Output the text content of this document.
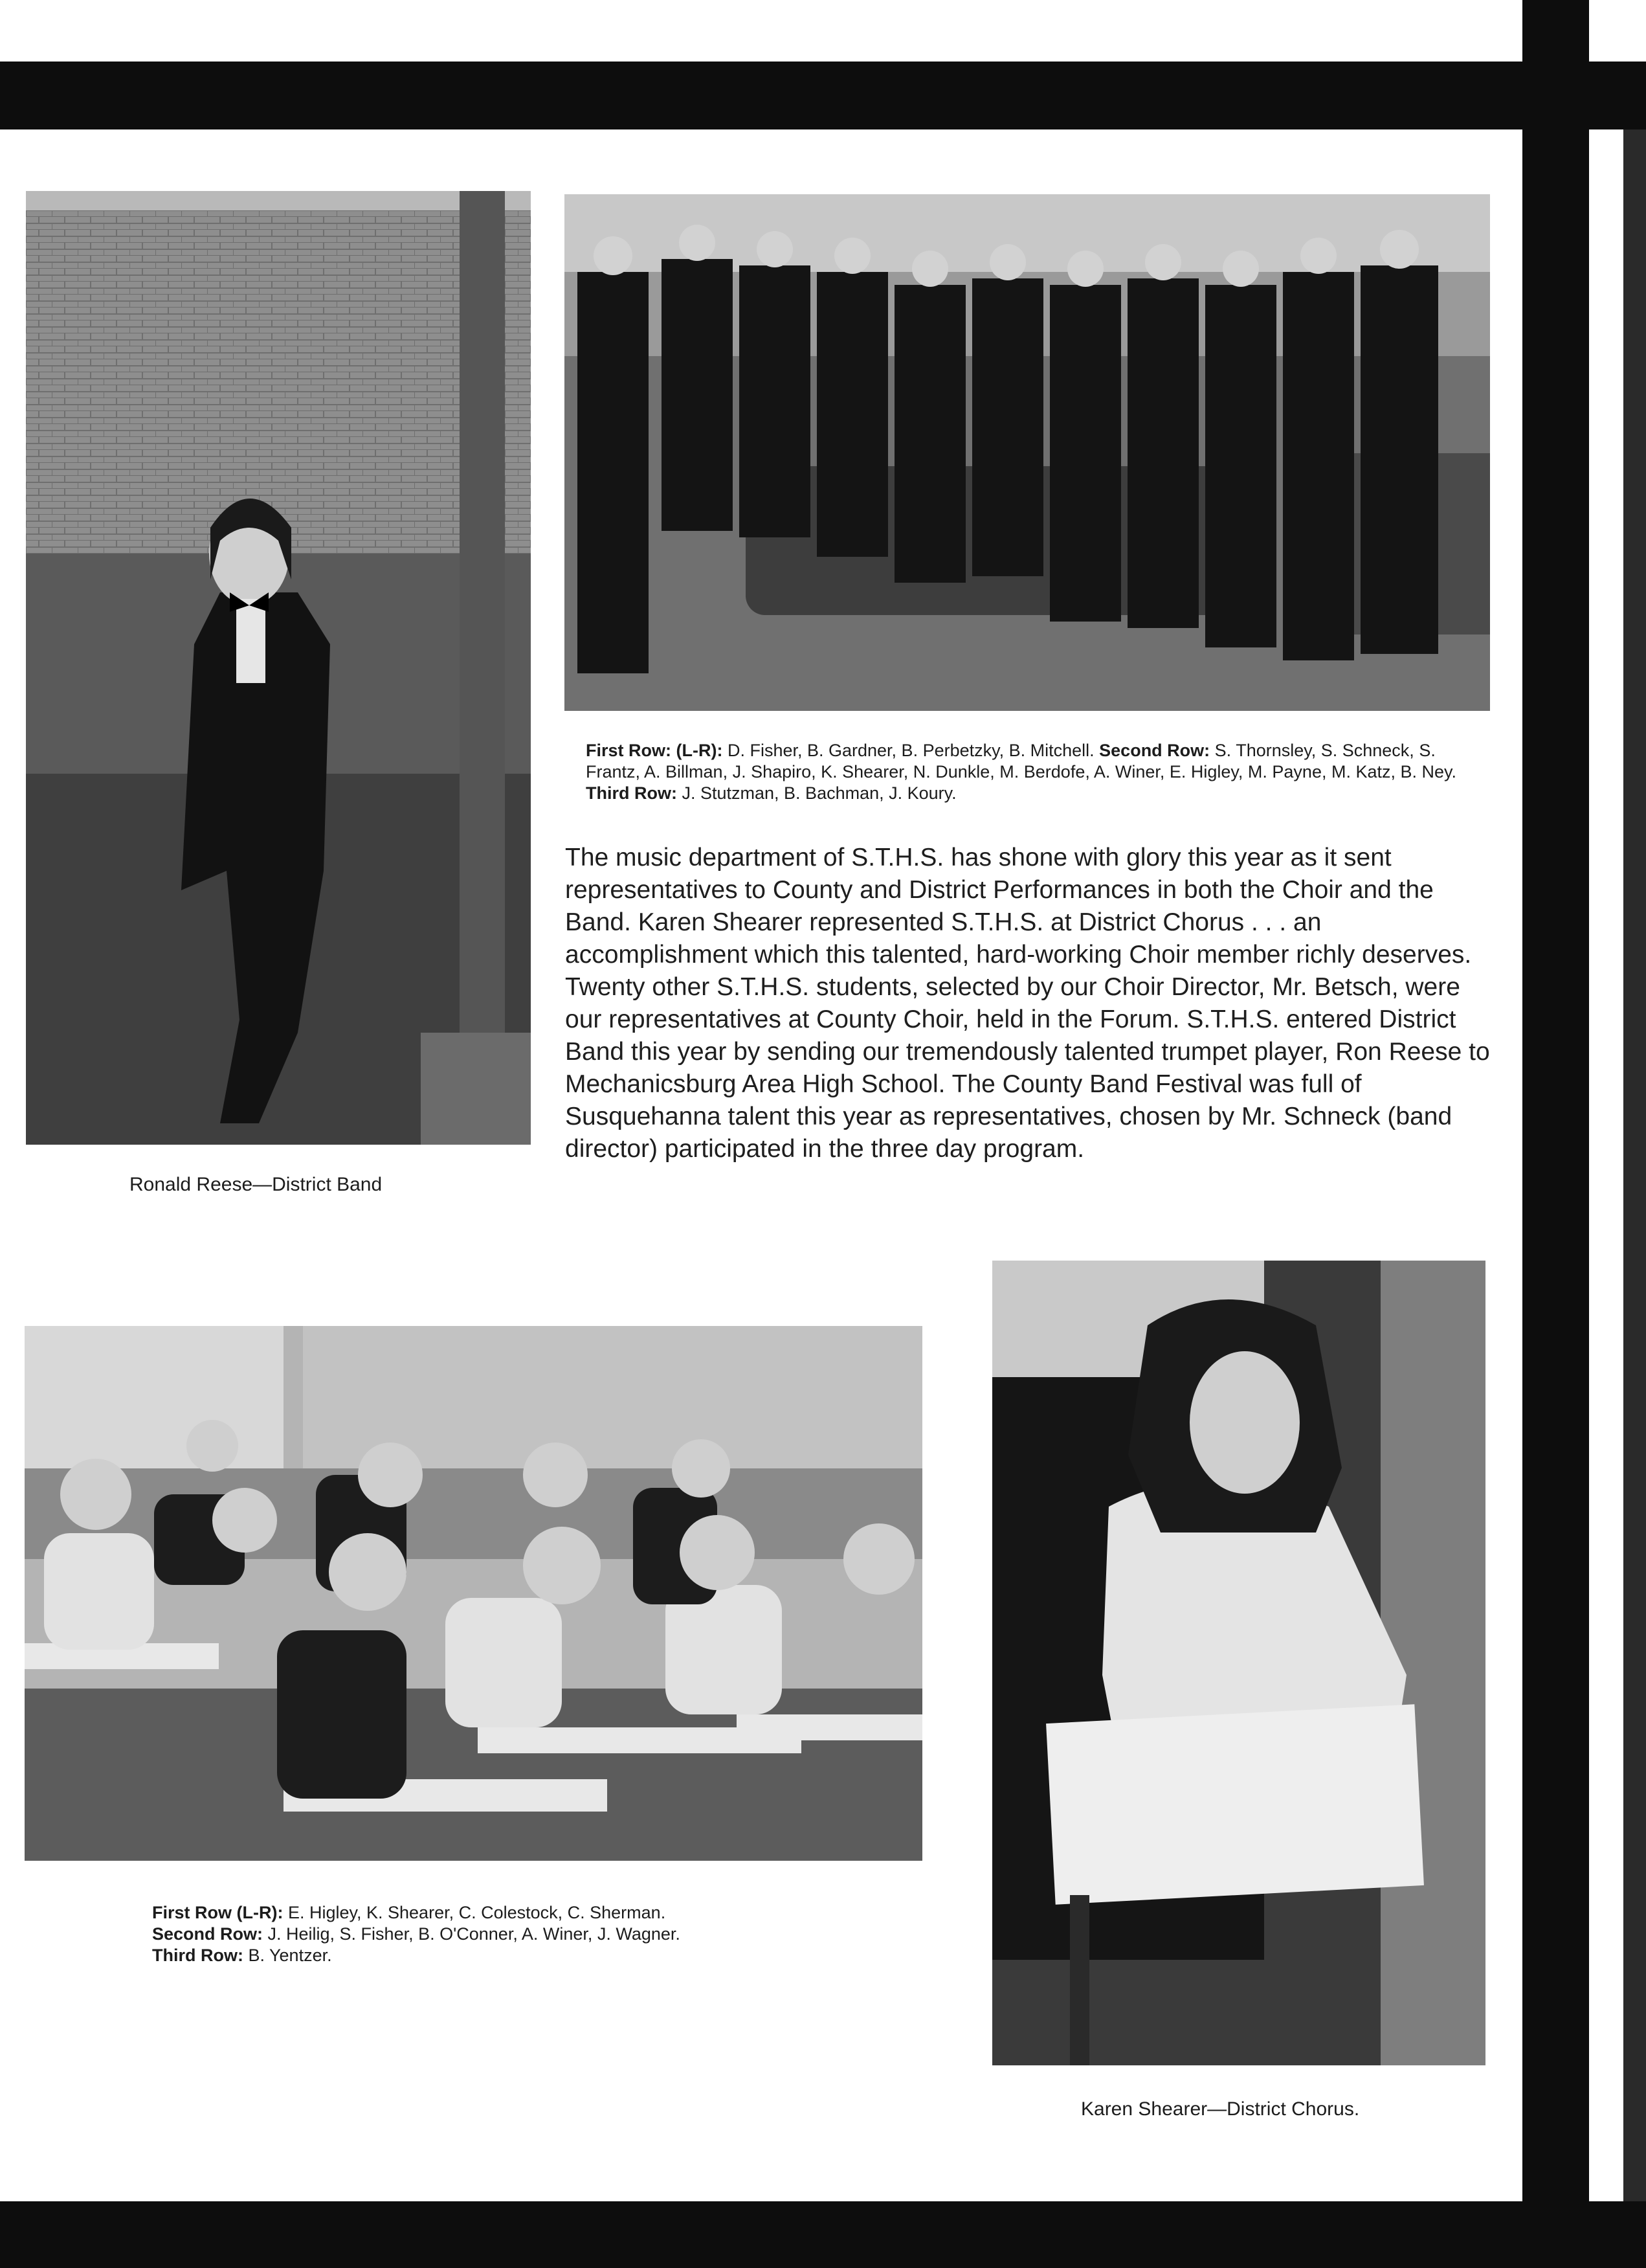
Ronald Reese—District Band
First Row: (L-R): D. Fisher, B. Gardner, B. Perbetzky, B. Mitchell. Second Row: S. Thornsley, S. Schneck, S. Frantz, A. Billman, J. Shapiro, K. Shearer, N. Dunkle, M. Berdofe, A. Winer, E. Higley, M. Payne, M. Katz, B. Ney. Third Row: J. Stutzman, B. Bachman, J. Koury.

The music department of S.T.H.S. has shone with glory this year as it sent representatives to County and District Performances in both the Choir and the Band. Karen Shearer represented S.T.H.S. at District Chorus . . . an accomplishment which this talented, hard-working Choir member richly deserves. Twenty other S.T.H.S. students, selected by our Choir Director, Mr. Betsch, were our representatives at County Choir, held in the Forum. S.T.H.S. entered District Band this year by sending our tremendously talented trumpet player, Ron Reese to Mechanicsburg Area High School. The County Band Festival was full of Susquehanna talent this year as representatives, chosen by Mr. Schneck (band director) participated in the three day program.

First Row (L-R): E. Higley, K. Shearer, C. Colestock, C. Sherman.
Second Row: J. Heilig, S. Fisher, B. O'Conner, A. Winer, J. Wagner.
Third Row: B. Yentzer.
Karen Shearer—District Chorus.
